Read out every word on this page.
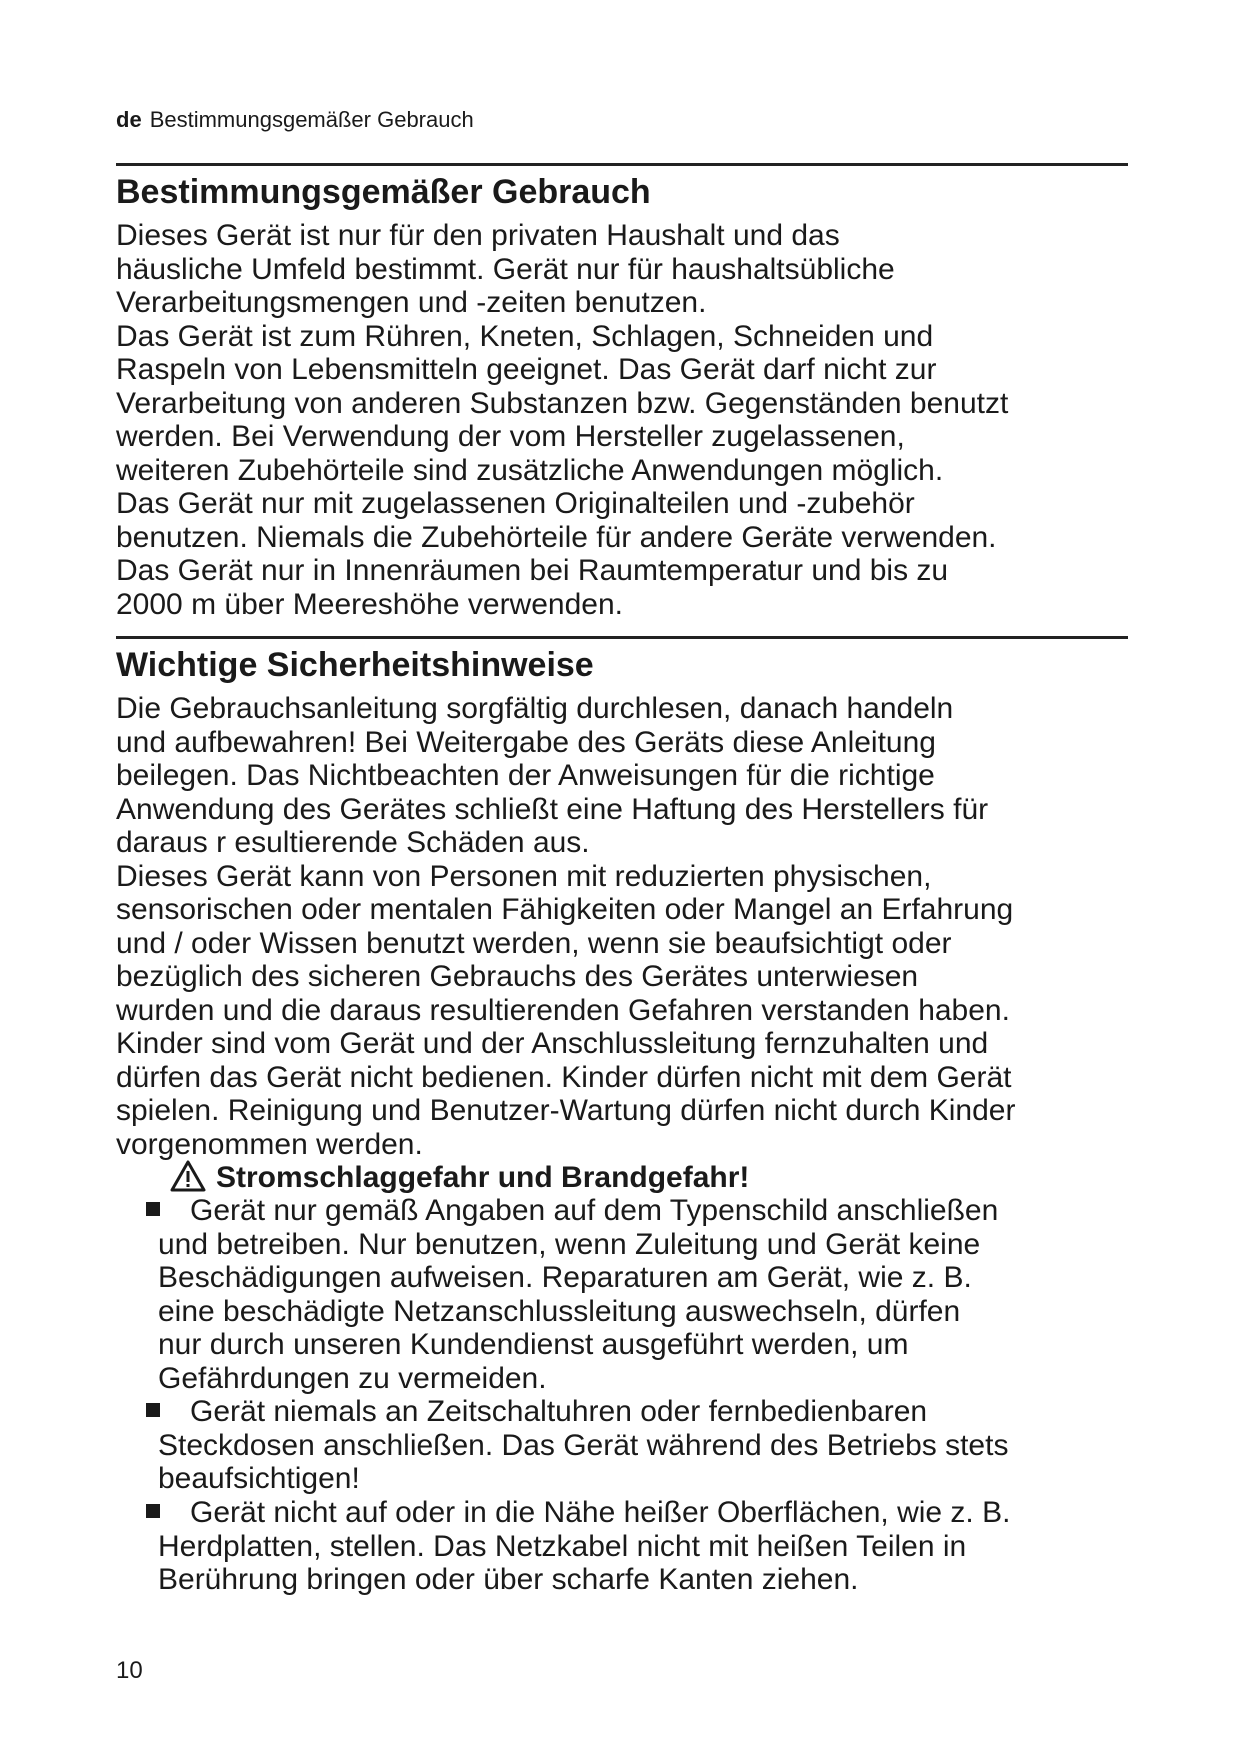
de Bestimmungsgemäßer Gebrauch
Bestimmungsgemäßer Gebrauch
Dieses Gerät ist nur für den privaten Haushalt und das
häusliche Umfeld bestimmt. Gerät nur für haushaltsübliche
Verarbeitungsmengen und -zeiten benutzen.
Das Gerät ist zum Rühren, Kneten, Schlagen, Schneiden und
Raspeln von Lebensmitteln geeignet. Das Gerät darf nicht zur
Verarbeitung von anderen Substanzen bzw. Gegenständen benutzt
werden. Bei Verwendung der vom Hersteller zugelassenen,
weiteren Zubehörteile sind zusätzliche Anwendungen möglich.
Das Gerät nur mit zugelassenen Originalteilen und -zubehör
benutzen. Niemals die Zubehörteile für andere Geräte verwenden.
Das Gerät nur in Innenräumen bei Raumtemperatur und bis zu
2000 m über Meereshöhe verwenden.
Wichtige Sicherheitshinweise
Die Gebrauchsanleitung sorgfältig durchlesen, danach handeln
und aufbewahren! Bei Weitergabe des Geräts diese Anleitung
beilegen. Das Nichtbeachten der Anweisungen für die richtige
Anwendung des Gerätes schließt eine Haftung des Herstellers für
daraus r esultierende Schäden aus.
Dieses Gerät kann von Personen mit reduzierten physischen,
sensorischen oder mentalen Fähigkeiten oder Mangel an Erfahrung
und / oder Wissen benutzt werden, wenn sie beaufsichtigt oder
bezüglich des sicheren Gebrauchs des Gerätes unterwiesen
wurden und die daraus resultierenden Gefahren verstanden haben.
Kinder sind vom Gerät und der Anschlussleitung fernzuhalten und
dürfen das Gerät nicht bedienen. Kinder dürfen nicht mit dem Gerät
spielen. Reinigung und Benutzer-Wartung dürfen nicht durch Kinder
vorgenommen werden.
Stromschlaggefahr und Brandgefahr!
Gerät nur gemäß Angaben auf dem Typenschild anschließen
und betreiben. Nur benutzen, wenn Zuleitung und Gerät keine
Beschädigungen aufweisen. Reparaturen am Gerät, wie z. B.
eine beschädigte Netzanschlussleitung auswechseln, dürfen
nur durch unseren Kundendienst ausgeführt werden, um
Gefährdungen zu vermeiden.
Gerät niemals an Zeitschaltuhren oder fernbedienbaren
Steckdosen anschließen. Das Gerät während des Betriebs stets
beaufsichtigen!
Gerät nicht auf oder in die Nähe heißer Oberflächen, wie z. B.
Herdplatten, stellen. Das Netzkabel nicht mit heißen Teilen in
Berührung bringen oder über scharfe Kanten ziehen.
10
